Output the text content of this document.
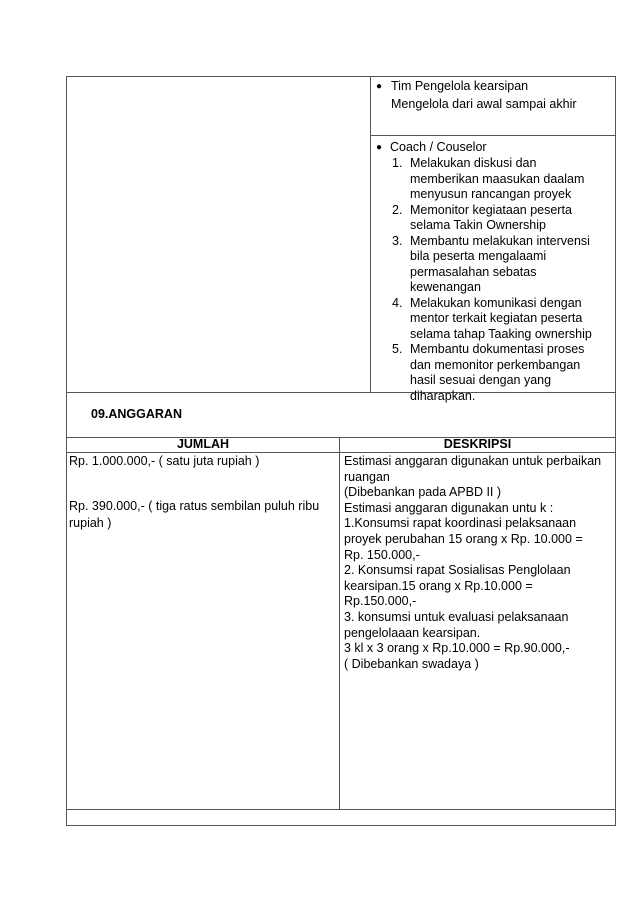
● Tim Pengelola kearsipan
Mengelola dari awal sampai akhir
● Coach / Couselor
1. Melakukan diskusi dan
memberikan maasukan daalam
menyusun rancangan proyek
2. Memonitor kegiataan peserta
selama Takin Ownership
3. Membantu melakukan intervensi
bila peserta mengalaami
permasalahan sebatas
kewenangan
4. Melakukan komunikasi dengan
mentor terkait kegiatan peserta
selama tahap Taaking ownership
5. Membantu dokumentasi proses
dan memonitor perkembangan
hasil sesuai dengan yang
diharapkan.
09.ANGGARAN
JUMLAH	DESKRIPSI
Rp. 1.000.000,- ( satu juta rupiah )
Rp. 390.000,- ( tiga ratus sembilan puluh ribu
rupiah )
Estimasi anggaran digunakan untuk perbaikan
ruangan
(Dibebankan pada APBD II )
Estimasi anggaran digunakan untu k :
1.Konsumsi rapat koordinasi pelaksanaan
proyek perubahan 15 orang x Rp. 10.000 =
Rp. 150.000,-
2. Konsumsi rapat Sosialisas Penglolaan
kearsipan.15 orang x Rp.10.000 =
Rp.150.000,-
3. konsumsi untuk evaluasi pelaksanaan
pengelolaaan kearsipan.
3 kl x 3 orang x Rp.10.000 = Rp.90.000,-
( Dibebankan swadaya )
